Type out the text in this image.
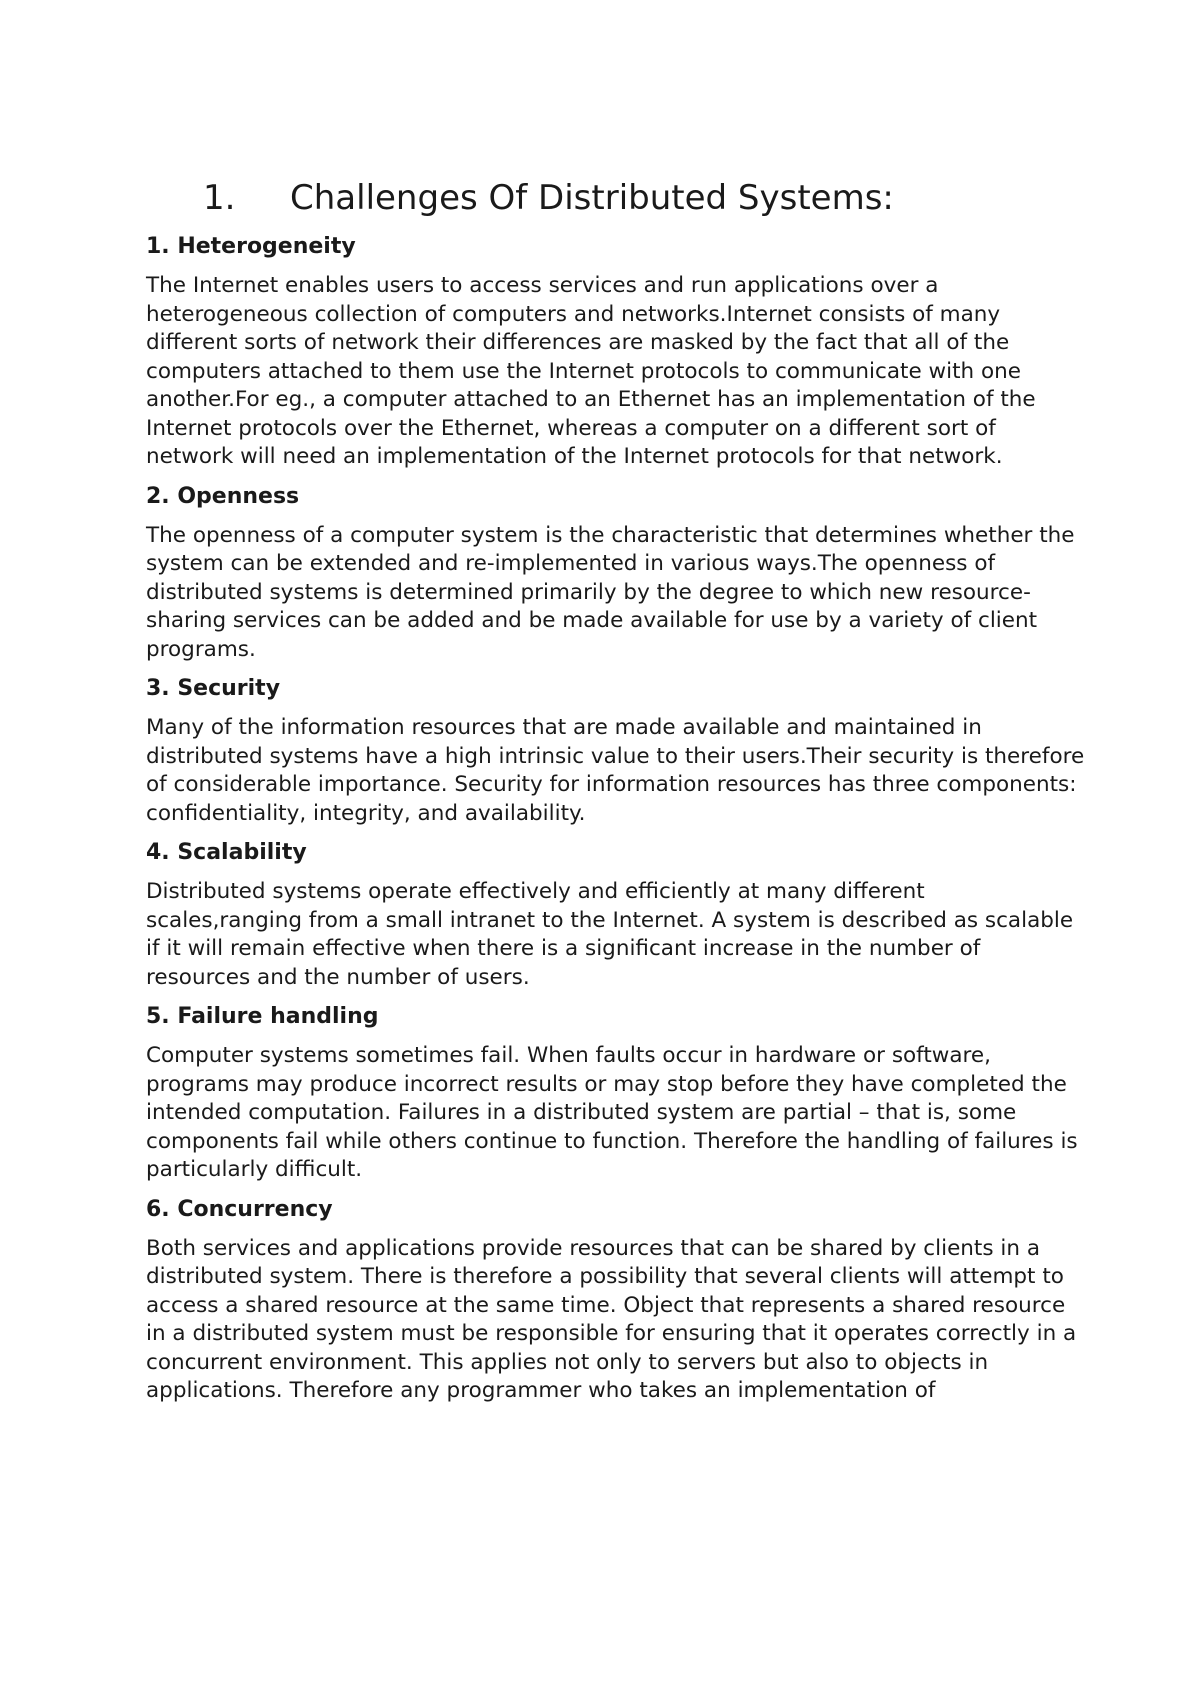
1. Challenges Of Distributed Systems:
1. Heterogeneity

The Internet enables users to access services and run applications over a heterogeneous collection of computers and networks.Internet consists of many different sorts of network their differences are masked by the fact that all of the computers attached to them use the Internet protocols to communicate with one another.For eg., a computer attached to an Ethernet has an implementation of the Internet protocols over the Ethernet, whereas a computer on a different sort of network will need an implementation of the Internet protocols for that network.

2. Openness

The openness of a computer system is the characteristic that determines whether the system can be extended and re-implemented in various ways.The openness of distributed systems is determined primarily by the degree to which new resource-sharing services can be added and be made available for use by a variety of client programs.

3. Security

Many of the information resources that are made available and maintained in distributed systems have a high intrinsic value to their users.Their security is therefore of considerable importance. Security for information resources has three components: confidentiality, integrity, and availability.

4. Scalability

Distributed systems operate effectively and efficiently at many different scales,ranging from a small intranet to the Internet. A system is described as scalable if it will remain effective when there is a significant increase in the number of resources and the number of users.

5. Failure handling

Computer systems sometimes fail. When faults occur in hardware or software, programs may produce incorrect results or may stop before they have completed the intended computation. Failures in a distributed system are partial – that is, some components fail while others continue to function. Therefore the handling of failures is particularly difficult.

6. Concurrency

Both services and applications provide resources that can be shared by clients in a distributed system. There is therefore a possibility that several clients will attempt to access a shared resource at the same time. Object that represents a shared resource in a distributed system must be responsible for ensuring that it operates correctly in a concurrent environment. This applies not only to servers but also to objects in applications. Therefore any programmer who takes an implementation of
